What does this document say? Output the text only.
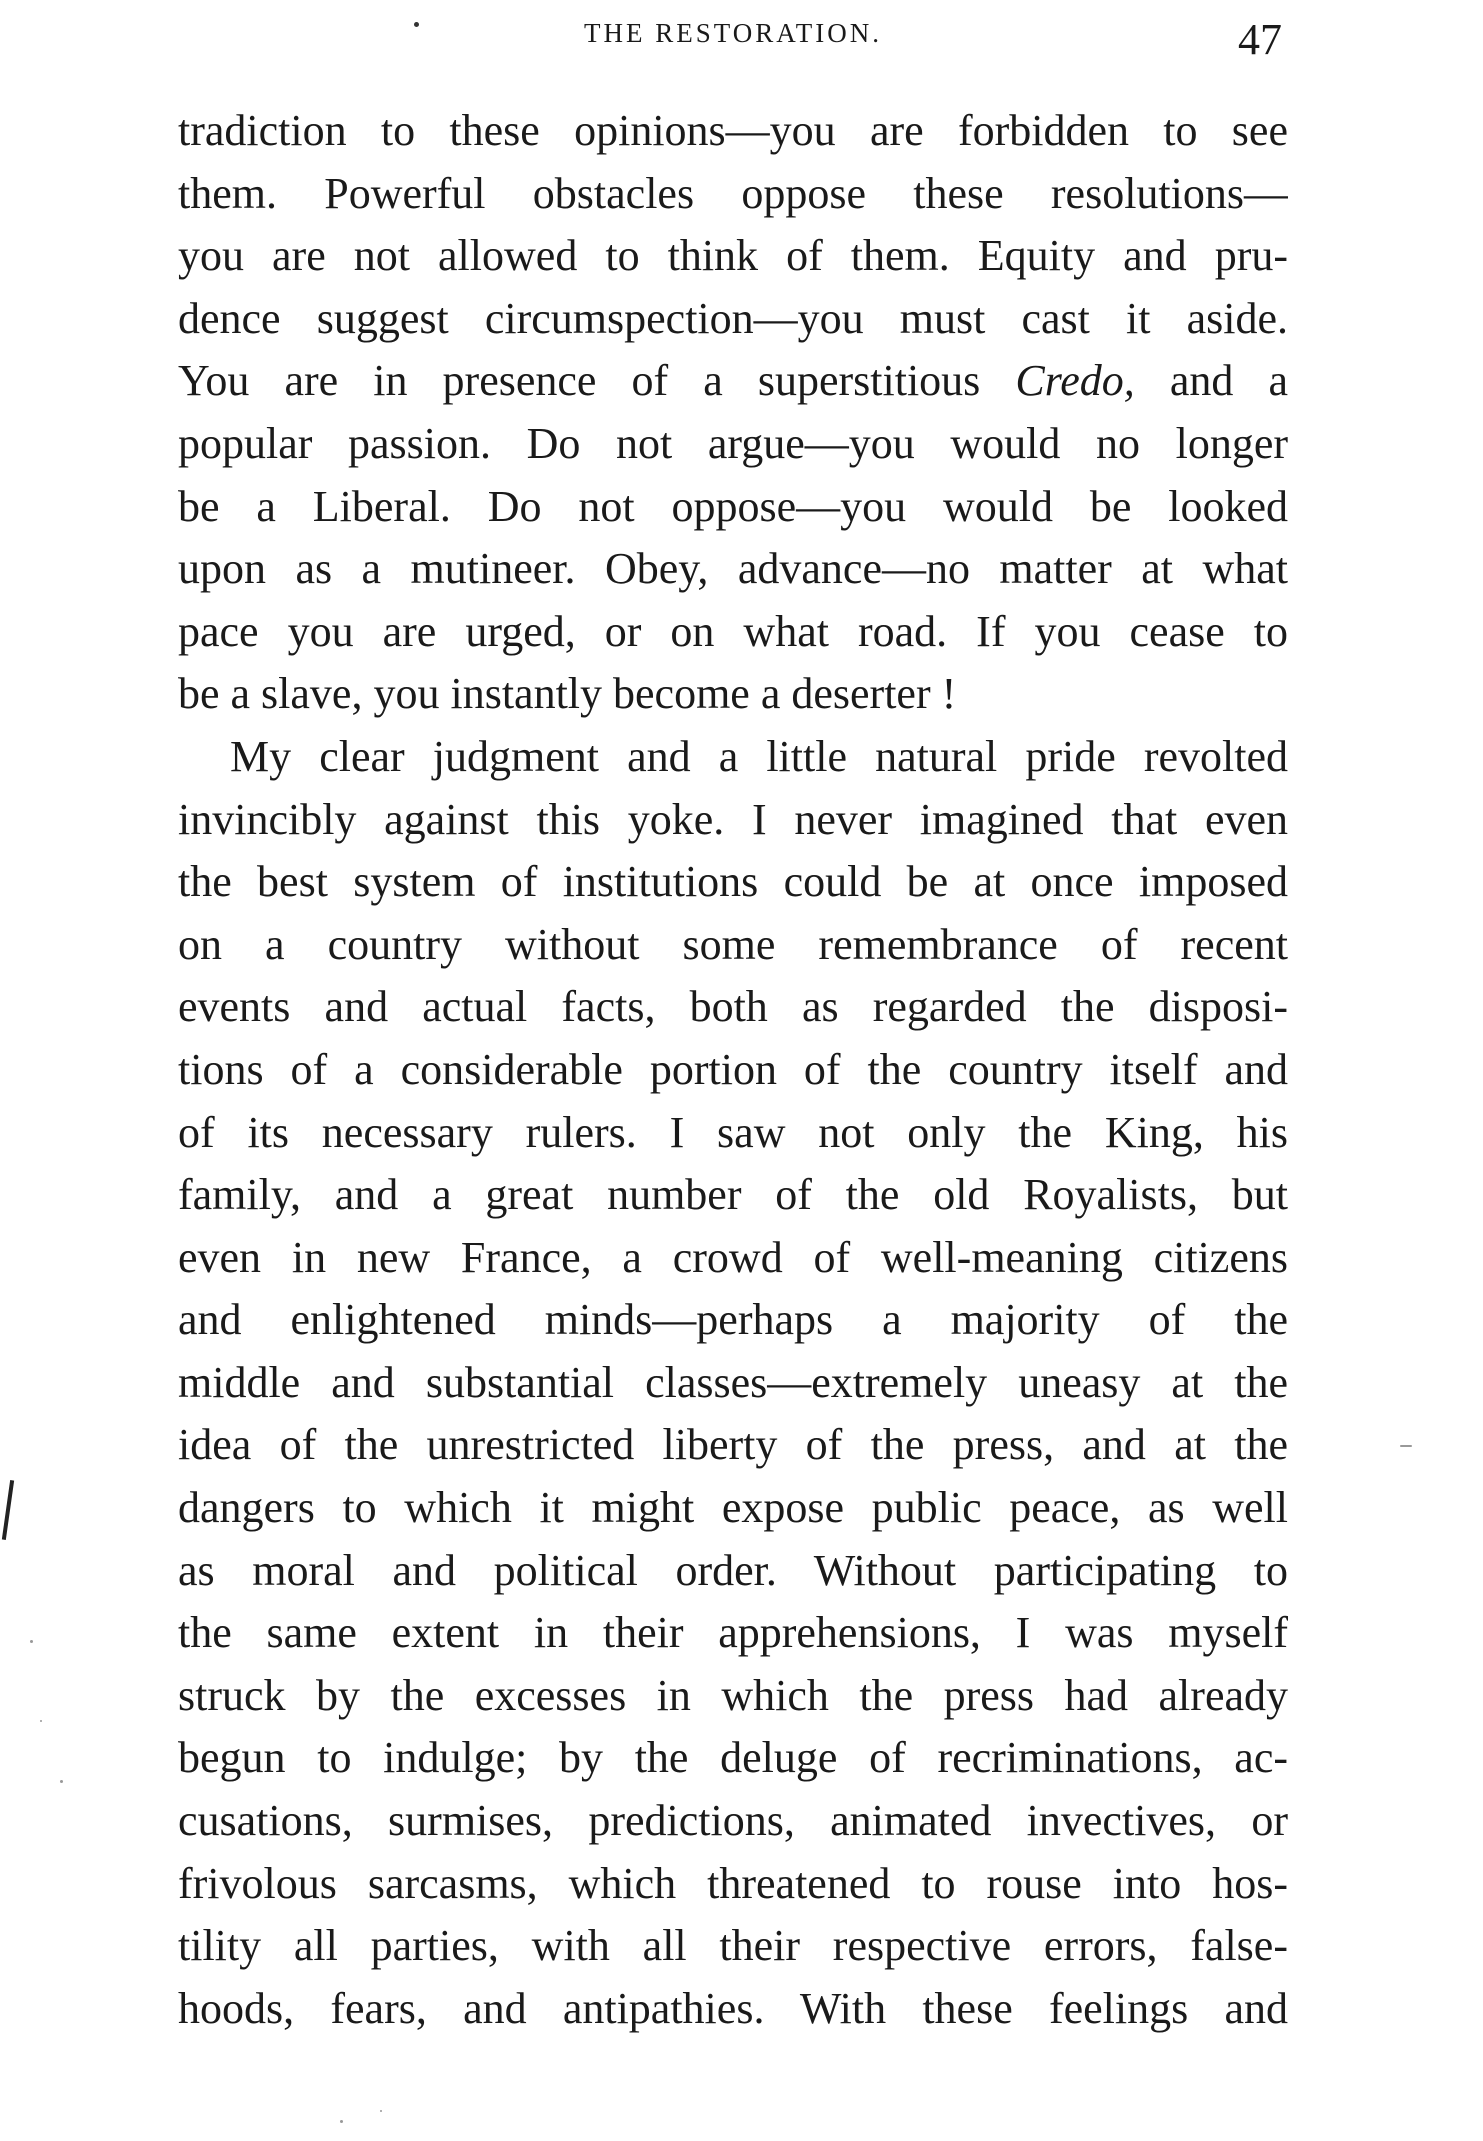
THE RESTORATION.	47
tradiction to these opinions—you are forbidden to see
them. Powerful obstacles oppose these resolutions—
you are not allowed to think of them. Equity and pru-
dence suggest circumspection—you must cast it aside.
You are in presence of a superstitious Credo, and a
popular passion. Do not argue—you would no longer
be a Liberal. Do not oppose—you would be looked
upon as a mutineer. Obey, advance—no matter at what
pace you are urged, or on what road. If you cease to
be a slave, you instantly become a deserter !
My clear judgment and a little natural pride revolted
invincibly against this yoke. I never imagined that even
the best system of institutions could be at once imposed
on a country without some remembrance of recent
events and actual facts, both as regarded the disposi-
tions of a considerable portion of the country itself and
of its necessary rulers. I saw not only the King, his
family, and a great number of the old Royalists, but
even in new France, a crowd of well-meaning citizens
and enlightened minds—perhaps a majority of the
middle and substantial classes—extremely uneasy at the
idea of the unrestricted liberty of the press, and at the
dangers to which it might expose public peace, as well
as moral and political order. Without participating to
the same extent in their apprehensions, I was myself
struck by the excesses in which the press had already
begun to indulge; by the deluge of recriminations, ac-
cusations, surmises, predictions, animated invectives, or
frivolous sarcasms, which threatened to rouse into hos-
tility all parties, with all their respective errors, false-
hoods, fears, and antipathies. With these feelings and
